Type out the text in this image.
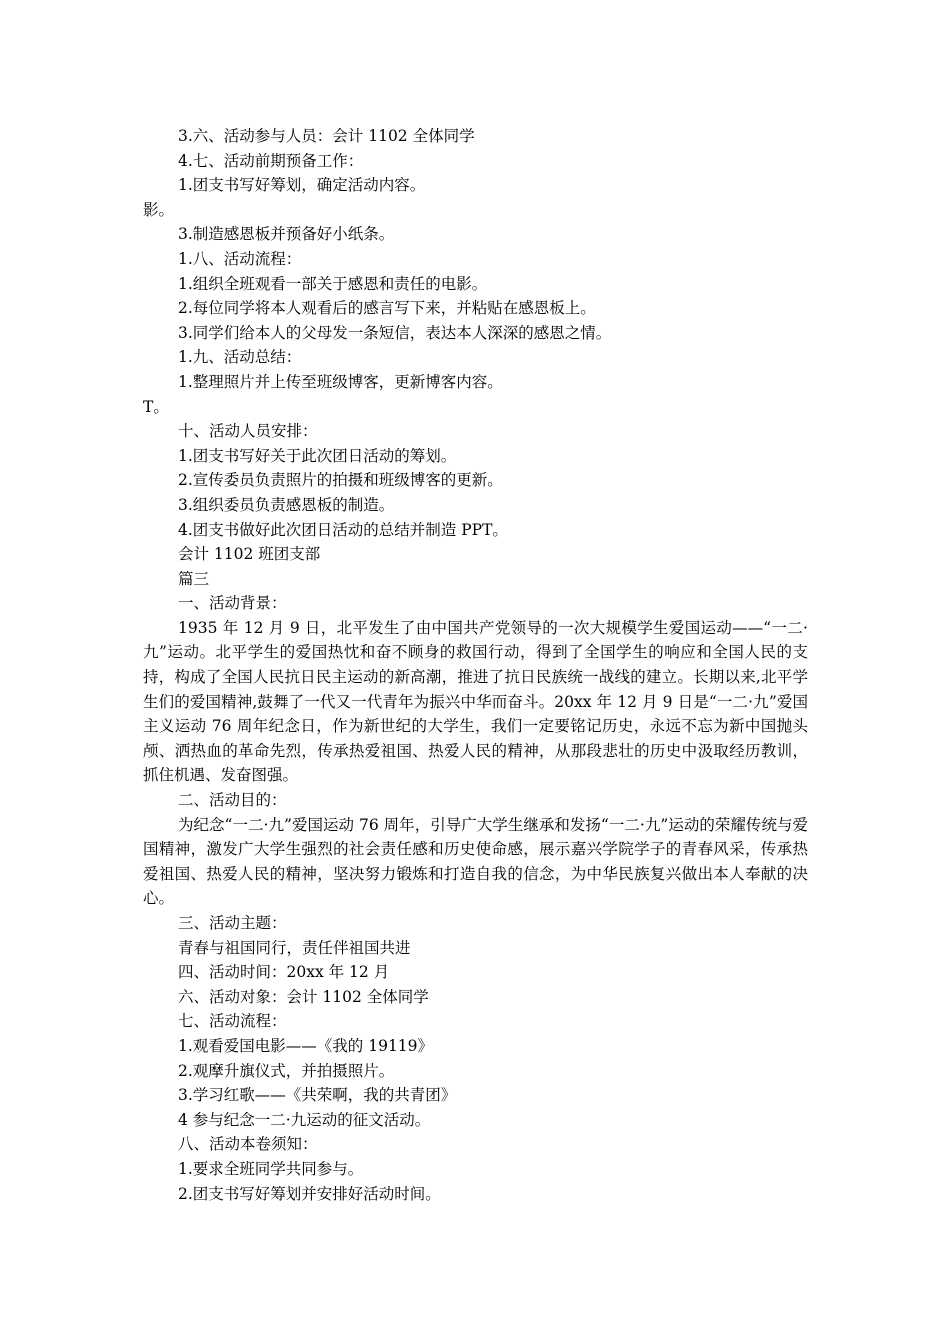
3.六、活动参与人员：会计 1102 全体同学
4.七、活动前期预备工作：
1.团支书写好筹划，确定活动内容。
影。
3.制造感恩板并预备好小纸条。
1.八、活动流程：
1.组织全班观看一部关于感恩和责任的电影。
2.每位同学将本人观看后的感言写下来，并粘贴在感恩板上。
3.同学们给本人的父母发一条短信，表达本人深深的感恩之情。
1.九、活动总结：
1.整理照片并上传至班级博客，更新博客内容。
T。
十、活动人员安排：
1.团支书写好关于此次团日活动的筹划。
2.宣传委员负责照片的拍摄和班级博客的更新。
3.组织委员负责感恩板的制造。
4.团支书做好此次团日活动的总结并制造 PPT。
会计 1102 班团支部
篇三
一、活动背景：

1935 年 12 月 9 日，北平发生了由中国共产党领导的一次大规模学生爱国运动——“一二·九”运动。北平学生的爱国热忱和奋不顾身的救国行动，得到了全国学生的响应和全国人民的支持，构成了全国人民抗日民主运动的新高潮，推进了抗日民族统一战线的建立。长期以来,北平学生们的爱国精神,鼓舞了一代又一代青年为振兴中华而奋斗。20xx 年 12 月 9 日是“一二·九”爱国主义运动 76 周年纪念日，作为新世纪的大学生，我们一定要铭记历史，永远不忘为新中国抛头颅、洒热血的革命先烈，传承热爱祖国、热爱人民的精神，从那段悲壮的历史中汲取经历教训，抓住机遇、发奋图强。

二、活动目的：

为纪念“一二·九”爱国运动 76 周年，引导广大学生继承和发扬“一二·九”运动的荣耀传统与爱国精神，激发广大学生强烈的社会责任感和历史使命感，展示嘉兴学院学子的青春风采，传承热爱祖国、热爱人民的精神，坚决努力锻炼和打造自我的信念，为中华民族复兴做出本人奉献的决心。

三、活动主题：
青春与祖国同行，责任伴祖国共进
四、活动时间：20xx 年 12 月
六、活动对象：会计 1102 全体同学
七、活动流程：
1.观看爱国电影——《我的 19119》
2.观摩升旗仪式，并拍摄照片。
3.学习红歌——《共荣啊，我的共青团》
4 参与纪念一二·九运动的征文活动。
八、活动本卷须知：
1.要求全班同学共同参与。
2.团支书写好筹划并安排好活动时间。
